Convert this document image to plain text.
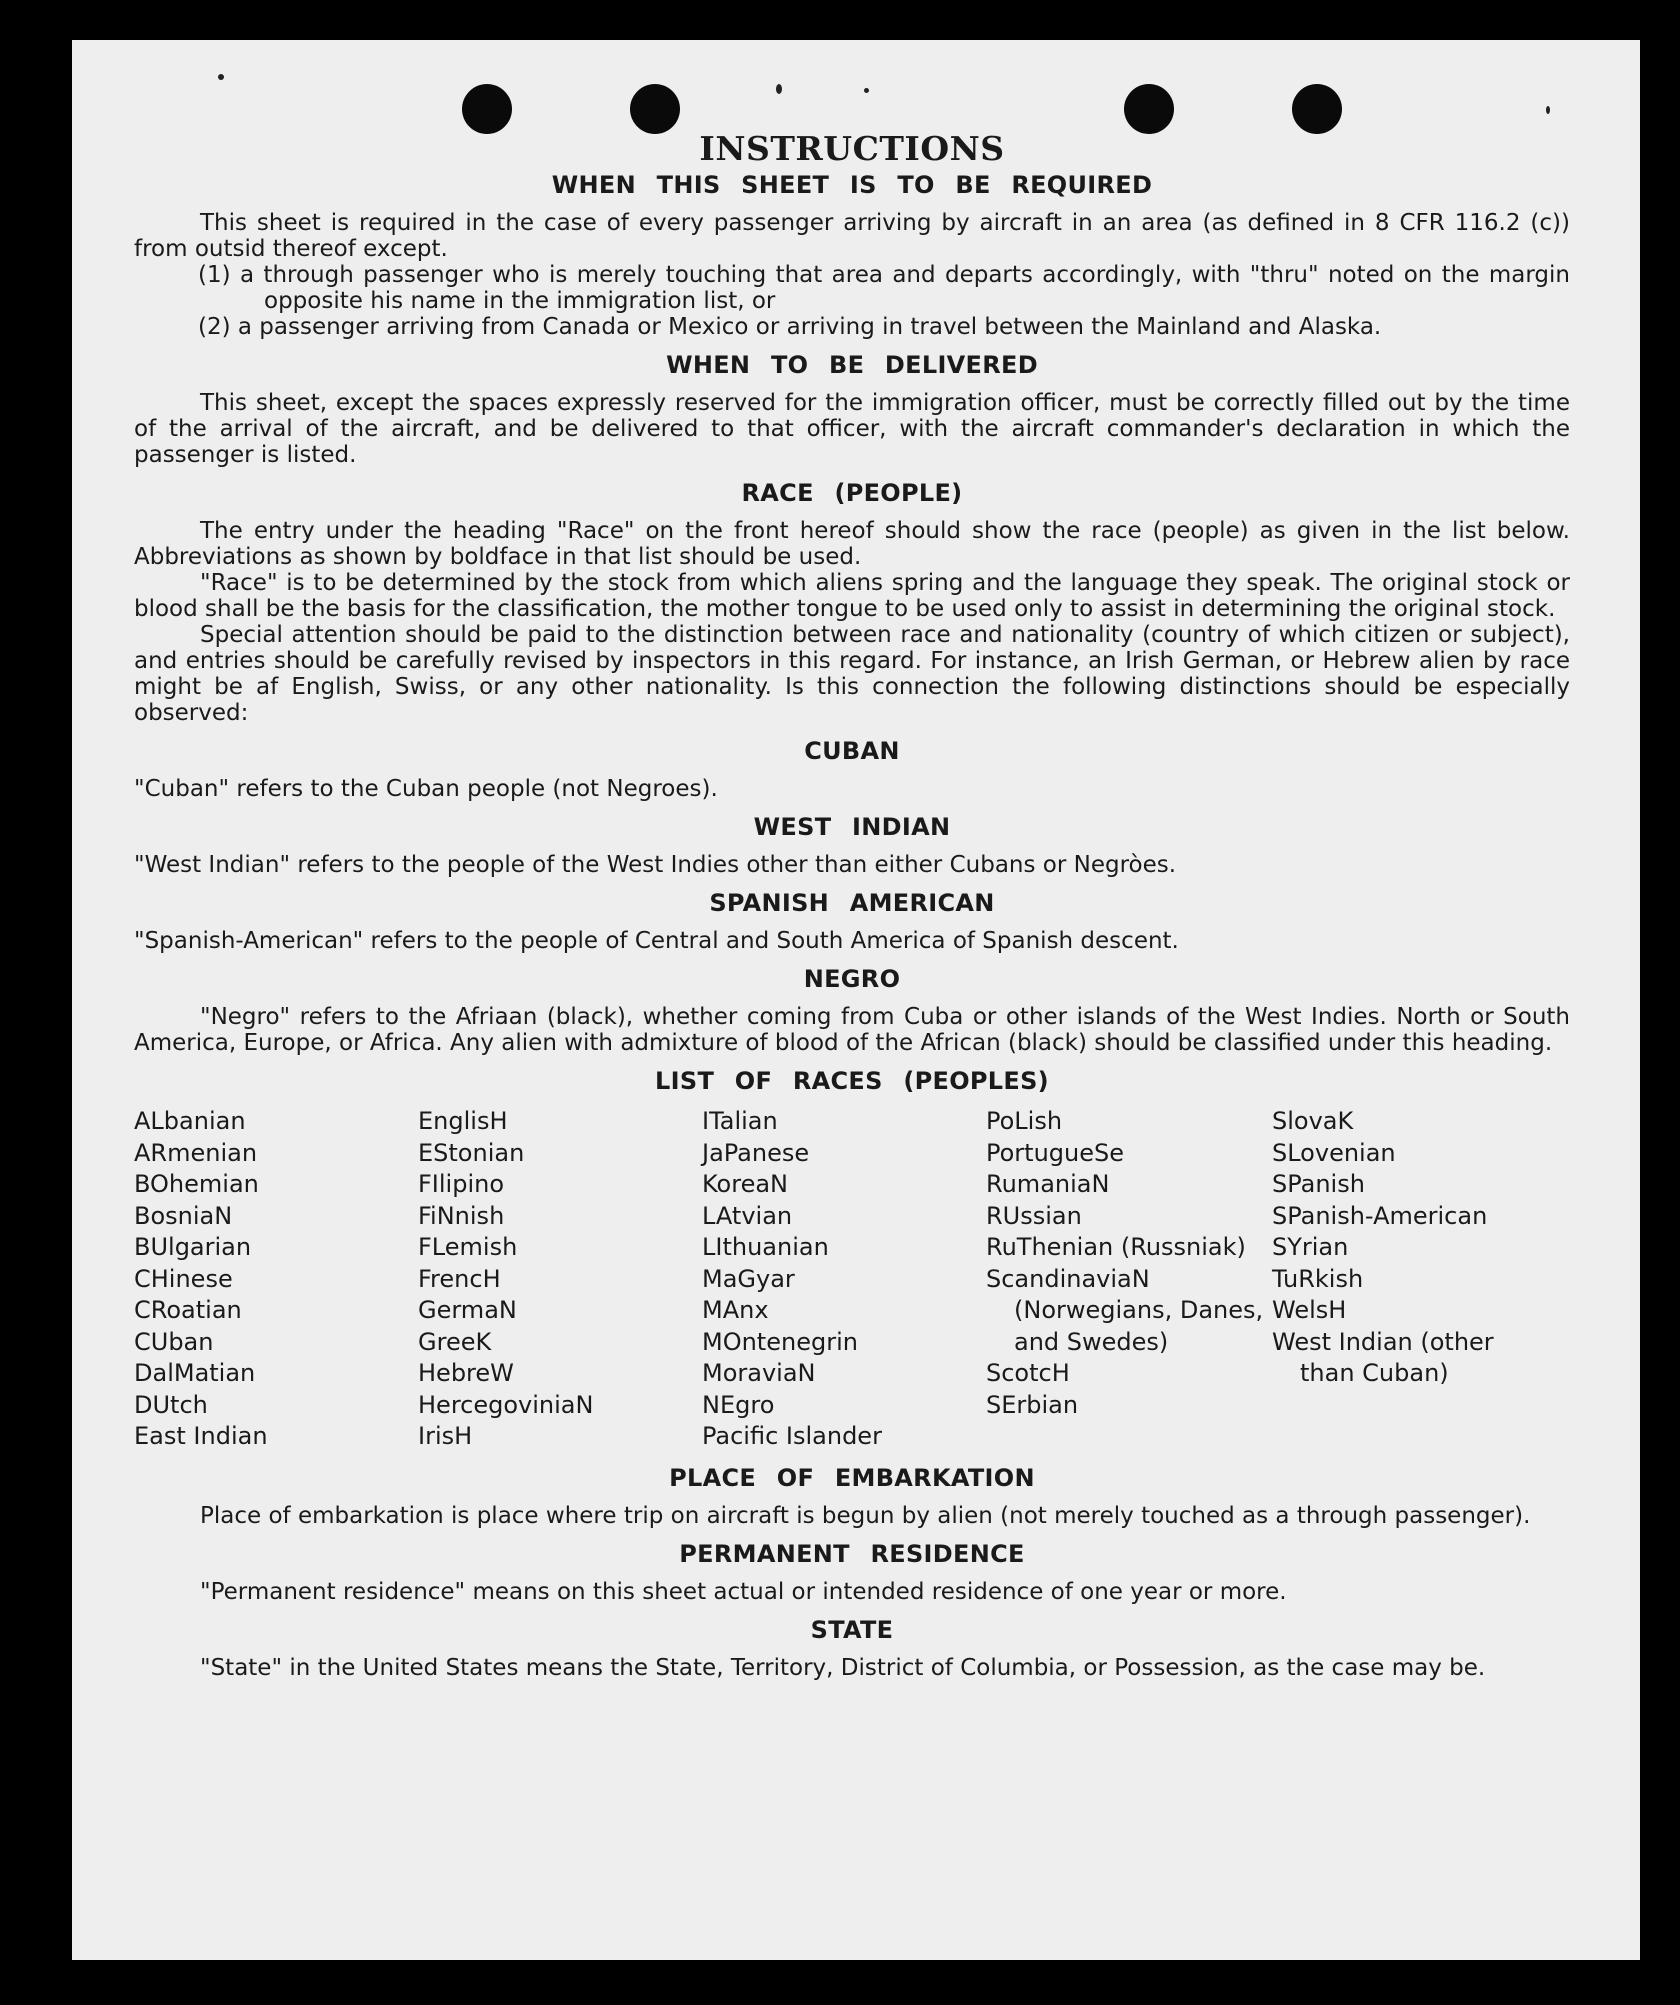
INSTRUCTIONS
WHEN THIS SHEET IS TO BE REQUIRED

This sheet is required in the case of every passenger arriving by aircraft in an area (as defined in 8 CFR 116.2 (c)) from outsid thereof except.

(1) a through passenger who is merely touching that area and departs accordingly, with "thru" noted on the margin opposite his name in the immigration list, or

(2) a passenger arriving from Canada or Mexico or arriving in travel between the Mainland and Alaska.

WHEN TO BE DELIVERED

This sheet, except the spaces expressly reserved for the immigration officer, must be correctly filled out by the time of the arrival of the aircraft, and be delivered to that officer, with the aircraft commander's declaration in which the passenger is listed.

RACE (PEOPLE)

The entry under the heading "Race" on the front hereof should show the race (people) as given in the list below. Abbreviations as shown by boldface in that list should be used.

"Race" is to be determined by the stock from which aliens spring and the language they speak. The original stock or blood shall be the basis for the classification, the mother tongue to be used only to assist in determining the original stock.

Special attention should be paid to the distinction between race and nationality (country of which citizen or subject), and entries should be carefully revised by inspectors in this regard. For instance, an Irish German, or Hebrew alien by race might be af English, Swiss, or any other nationality. Is this connection the following distinctions should be especially observed:

CUBAN

"Cuban" refers to the Cuban people (not Negroes).

WEST INDIAN

"West Indian" refers to the people of the West Indies other than either Cubans or Negròes.

SPANISH AMERICAN

"Spanish-American" refers to the people of Central and South America of Spanish descent.

NEGRO

"Negro" refers to the Afriaan (black), whether coming from Cuba or other islands of the West Indies. North or South America, Europe, or Africa. Any alien with admixture of blood of the African (black) should be classified under this heading.

LIST OF RACES (PEOPLES)
ALbanian
ARmenian
BOhemian
BosniaN
BUlgarian
CHinese
CRoatian
CUban
DalMatian
DUtch
East Indian
EnglisH
EStonian
FIlipino
FiNnish
FLemish
FrencH
GermaN
GreeK
HebreW
HercegoviniaN
IrisH
ITalian
JaPanese
KoreaN
LAtvian
LIthuanian
MaGyar
MAnx
MOntenegrin
MoraviaN
NEgro
Pacific Islander
PoLish
PortugueSe
RumaniaN
RUssian
RuThenian (Russniak)
ScandinaviaN (Norwegians, Danes, and Swedes)
ScotcH
SErbian
SlovaK
SLovenian
SPanish
SPanish-American
SYrian
TuRkish
WelsH
West Indian (other than Cuban)
PLACE OF EMBARKATION

Place of embarkation is place where trip on aircraft is begun by alien (not merely touched as a through passenger).

PERMANENT RESIDENCE

"Permanent residence" means on this sheet actual or intended residence of one year or more.

STATE

"State" in the United States means the State, Territory, District of Columbia, or Possession, as the case may be.
